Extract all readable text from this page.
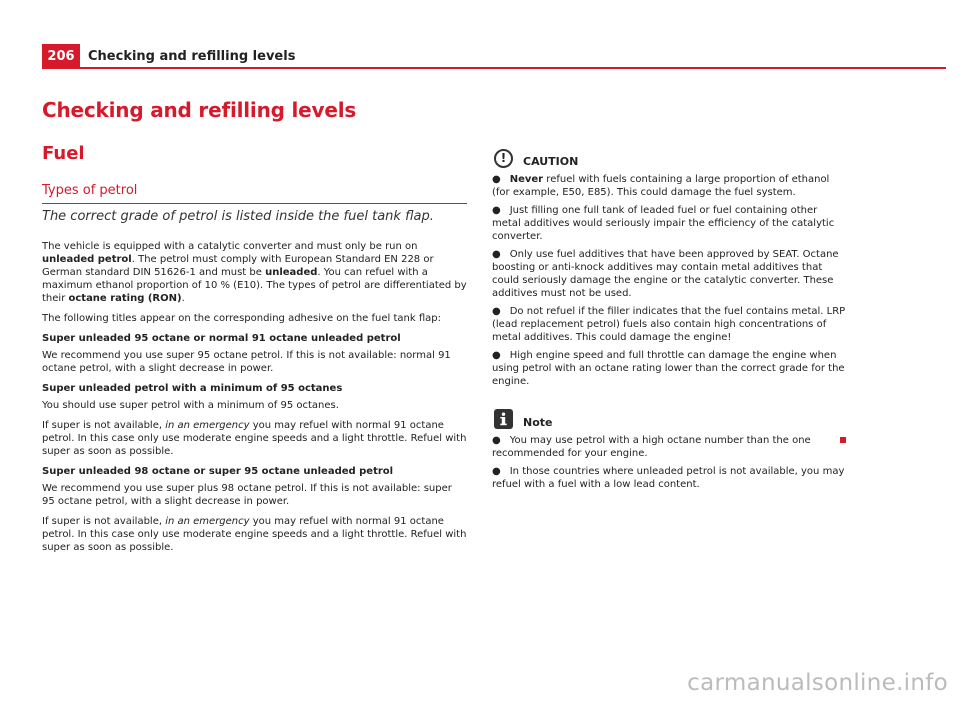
206	Checking and refilling levels
Checking and refilling levels
Fuel
Types of petrol

The correct grade of petrol is listed inside the fuel tank flap.

The vehicle is equipped with a catalytic converter and must only be run on unleaded petrol. The petrol must comply with European Standard EN 228 or German standard DIN 51626-1 and must be unleaded. You can refuel with a maximum ethanol proportion of 10 % (E10). The types of petrol are differentiated by their octane rating (RON).

The following titles appear on the corresponding adhesive on the fuel tank flap:

Super unleaded 95 octane or normal 91 octane unleaded petrol

We recommend you use super 95 octane petrol. If this is not available: normal 91 octane petrol, with a slight decrease in power.

Super unleaded petrol with a minimum of 95 octanes

You should use super petrol with a minimum of 95 octanes.

If super is not available, in an emergency you may refuel with normal 91 octane petrol. In this case only use moderate engine speeds and a light throttle. Refuel with super as soon as possible.

Super unleaded 98 octane or super 95 octane unleaded petrol

We recommend you use super plus 98 octane petrol. If this is not available: super 95 octane petrol, with a slight decrease in power.

If super is not available, in an emergency you may refuel with normal 91 octane petrol. In this case only use moderate engine speeds and a light throttle. Refuel with super as soon as possible.

!	CAUTION

● Never refuel with fuels containing a large proportion of ethanol (for example, E50, E85). This could damage the fuel system.

● Just filling one full tank of leaded fuel or fuel containing other metal additives would seriously impair the efficiency of the catalytic converter.

● Only use fuel additives that have been approved by SEAT. Octane boosting or anti-knock additives may contain metal additives that could seriously damage the engine or the catalytic converter. These additives must not be used.

● Do not refuel if the filler indicates that the fuel contains metal. LRP (lead replacement petrol) fuels also contain high concentrations of metal additives. This could damage the engine!

● High engine speed and full throttle can damage the engine when using petrol with an octane rating lower than the correct grade for the engine.

Note

● You may use petrol with a high octane number than the one recommended for your engine.

● In those countries where unleaded petrol is not available, you may refuel with a fuel with a low lead content.

carmanualsonline.info
